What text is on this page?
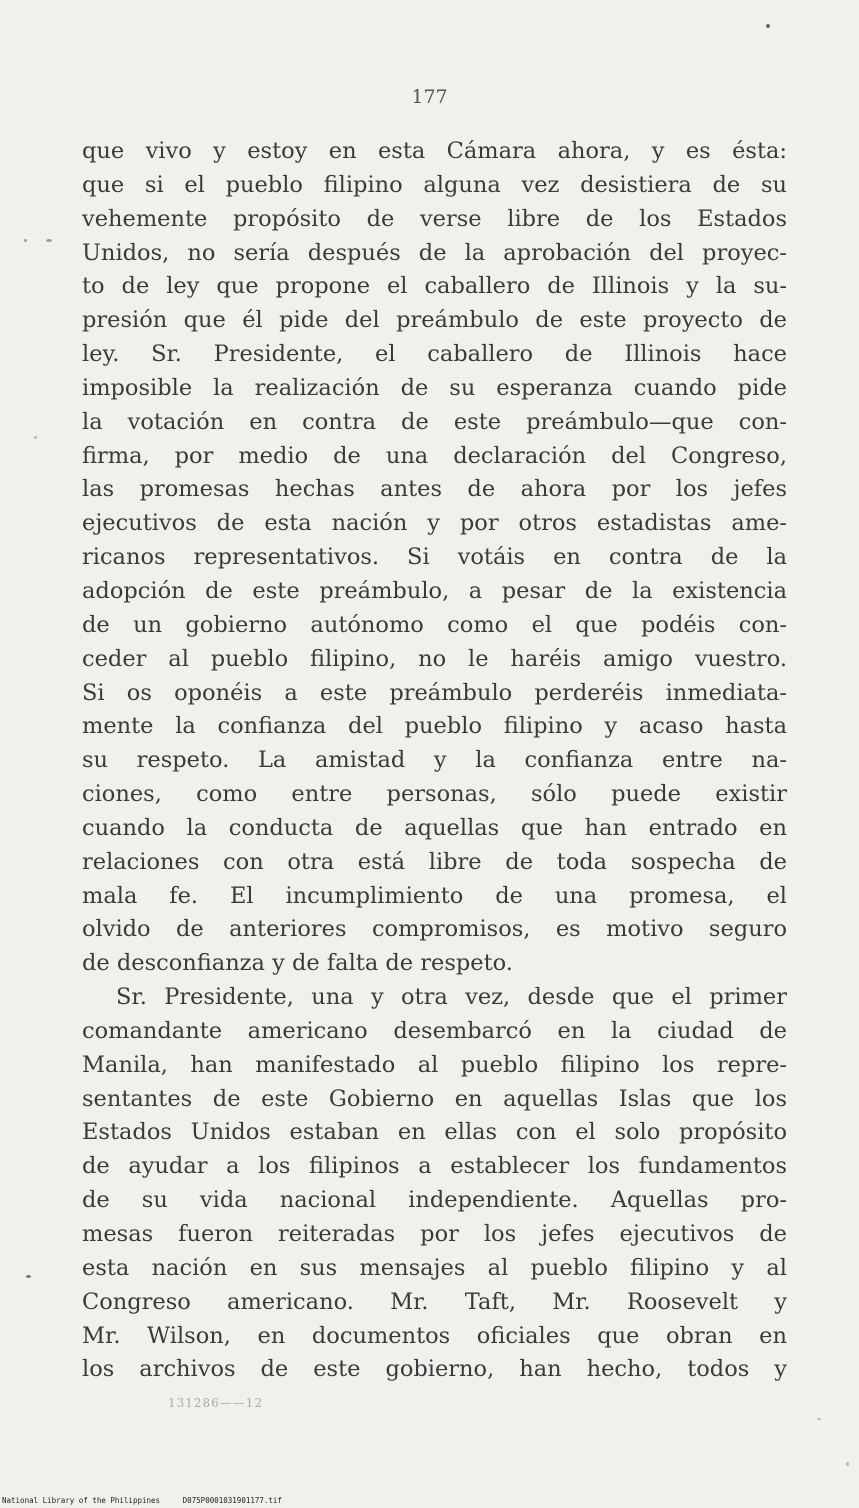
177
que vivo y estoy en esta Cámara ahora, y es ésta:
que si el pueblo filipino alguna vez desistiera de su
vehemente propósito de verse libre de los Estados
Unidos, no sería después de la aprobación del proyec-
to de ley que propone el caballero de Illinois y la su-
presión que él pide del preámbulo de este proyecto de
ley. Sr. Presidente, el caballero de Illinois hace
imposible la realización de su esperanza cuando pide
la votación en contra de este preámbulo—que con-
firma, por medio de una declaración del Congreso,
las promesas hechas antes de ahora por los jefes
ejecutivos de esta nación y por otros estadistas ame-
ricanos representativos. Si votáis en contra de la
adopción de este preámbulo, a pesar de la existencia
de un gobierno autónomo como el que podéis con-
ceder al pueblo filipino, no le haréis amigo vuestro.
Si os oponéis a este preámbulo perderéis inmediata-
mente la confianza del pueblo filipino y acaso hasta
su respeto. La amistad y la confianza entre na-
ciones, como entre personas, sólo puede existir
cuando la conducta de aquellas que han entrado en
relaciones con otra está libre de toda sospecha de
mala fe. El incumplimiento de una promesa, el
olvido de anteriores compromisos, es motivo seguro
de desconfianza y de falta de respeto.
Sr. Presidente, una y otra vez, desde que el primer
comandante americano desembarcó en la ciudad de
Manila, han manifestado al pueblo filipino los repre-
sentantes de este Gobierno en aquellas Islas que los
Estados Unidos estaban en ellas con el solo propósito
de ayudar a los filipinos a establecer los fundamentos
de su vida nacional independiente. Aquellas pro-
mesas fueron reiteradas por los jefes ejecutivos de
esta nación en sus mensajes al pueblo filipino y al
Congreso americano. Mr. Taft, Mr. Roosevelt y
Mr. Wilson, en documentos oficiales que obran en
los archivos de este gobierno, han hecho, todos y
131286——12
National Library of the Philippines     D075P0001031901177.tif
